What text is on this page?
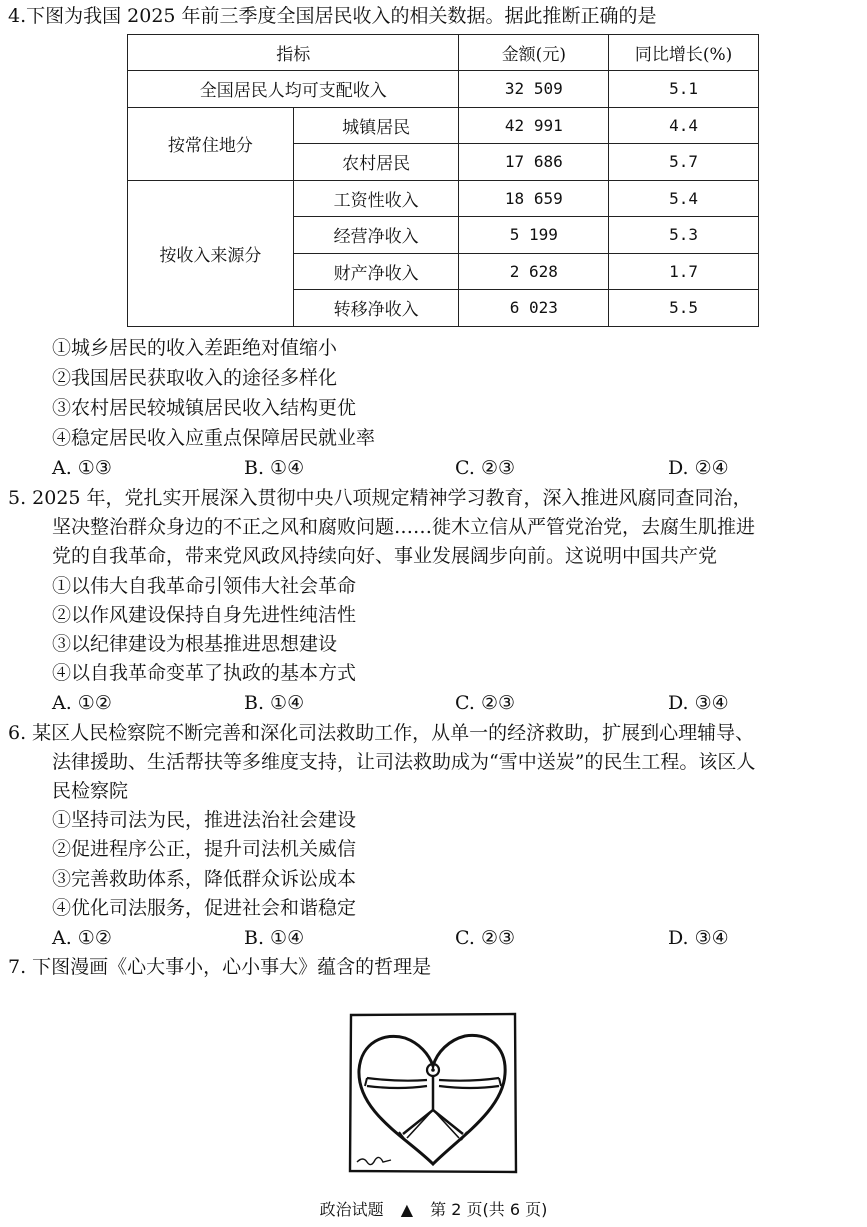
4.下图为我国 2025 年前三季度全国居民收入的相关数据。据此推断正确的是
指标		金额(元)	同比增长(%)
全国居民人均可支配收入		32 509	5.1
按常住地分	城镇居民	42 991	4.4
	农村居民	17 686	5.7
按收入来源分	工资性收入	18 659	5.4
	经营净收入	5 199	5.3
	财产净收入	2 628	1.7
	转移净收入	6 023	5.5
①城乡居民的收入差距绝对值缩小
②我国居民获取收入的途径多样化
③农村居民较城镇居民收入结构更优
④稳定居民收入应重点保障居民就业率
A. ①③	B. ①④	C. ②③	D. ②④
5. 2025 年，党扎实开展深入贯彻中央八项规定精神学习教育，深入推进风腐同查同治，
坚决整治群众身边的不正之风和腐败问题……徙木立信从严管党治党，去腐生肌推进
党的自我革命，带来党风政风持续向好、事业发展阔步向前。这说明中国共产党
①以伟大自我革命引领伟大社会革命
②以作风建设保持自身先进性纯洁性
③以纪律建设为根基推进思想建设
④以自我革命变革了执政的基本方式
A. ①②	B. ①④	C. ②③	D. ③④
6. 某区人民检察院不断完善和深化司法救助工作，从单一的经济救助，扩展到心理辅导、
法律援助、生活帮扶等多维度支持，让司法救助成为“雪中送炭”的民生工程。该区人
民检察院
①坚持司法为民，推进法治社会建设
②促进程序公正，提升司法机关威信
③完善救助体系，降低群众诉讼成本
④优化司法服务，促进社会和谐稳定
A. ①②	B. ①④	C. ②③	D. ③④
7. 下图漫画《心大事小，心小事大》蕴含的哲理是
政治试题 ▲ 第 2 页(共 6 页)
